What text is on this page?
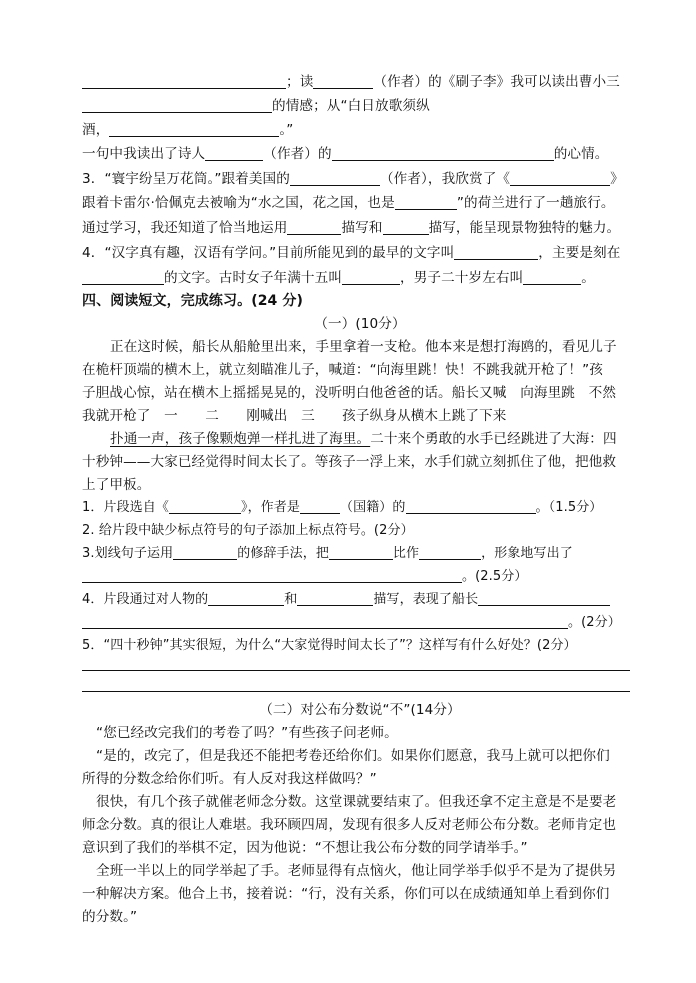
；读	（作者）的《刷子李》我可以读出曹小三
的情感；从“白日放歌须纵
酒，	。”
一句中我读出了诗人	（作者）的	的心情。
3．“寰宇纷呈万花筒。”跟着美国的	（作者），我欣赏了《	》
跟着卡雷尔·恰佩克去被喻为“水之国，花之国，也是	”的荷兰进行了一趟旅行。
通过学习，我还知道了恰当地运用	描写和	描写，能呈现景物独特的魅力。
4．“汉字真有趣，汉语有学问。”目前所能见到的最早的文字叫	，主要是刻在
的文字。古时女子年满十五叫	，男子二十岁左右叫	。
四、阅读短文，完成练习。(24 分)
（一）(10分）
正在这时候，船长从船舱里出来，手里拿着一支枪。他本来是想打海鸥的，看见儿子
在桅杆顶端的横木上，就立刻瞄准儿子，喊道：“向海里跳！快！不跳我就开枪了！”孩
子胆战心惊，站在横木上摇摇晃晃的，没听明白他爸爸的话。船长又喊　向海里跳　不然
我就开枪了　一　　二　　刚喊出　三　　孩子纵身从横木上跳了下来
扑通一声，孩子像颗炮弹一样扎进了海里。二十来个勇敢的水手已经跳进了大海：四
十秒钟——大家已经觉得时间太长了。等孩子一浮上来，水手们就立刻抓住了他，把他救
上了甲板。
1．片段选自《	》，作者是	（国籍）的	。（1.5分）
2. 给片段中缺少标点符号的句子添加上标点符号。(2分）
3.划线句子运用	的修辞手法，把	比作	，形象地写出了
。(2.5分）
4．片段通过对人物的	和	描写，表现了船长
。(2分）
5．“四十秒钟”其实很短，为什么“大家觉得时间太长了”？这样写有什么好处？(2分）
（二）对公布分数说“不”(14分）
“您已经改完我们的考卷了吗？”有些孩子问老师。
“是的，改完了，但是我还不能把考卷还给你们。如果你们愿意，我马上就可以把你们
所得的分数念给你们听。有人反对我这样做吗？”
很快，有几个孩子就催老师念分数。这堂课就要结束了。但我还拿不定主意是不是要老
师念分数。真的很让人难堪。我环顾四周，发现有很多人反对老师公布分数。老师肯定也
意识到了我们的举棋不定，因为他说：“不想让我公布分数的同学请举手。”
全班一半以上的同学举起了手。老师显得有点恼火，他让同学举手似乎不是为了提供另
一种解决方案。他合上书，接着说：“行，没有关系，你们可以在成绩通知单上看到你们
的分数。”
